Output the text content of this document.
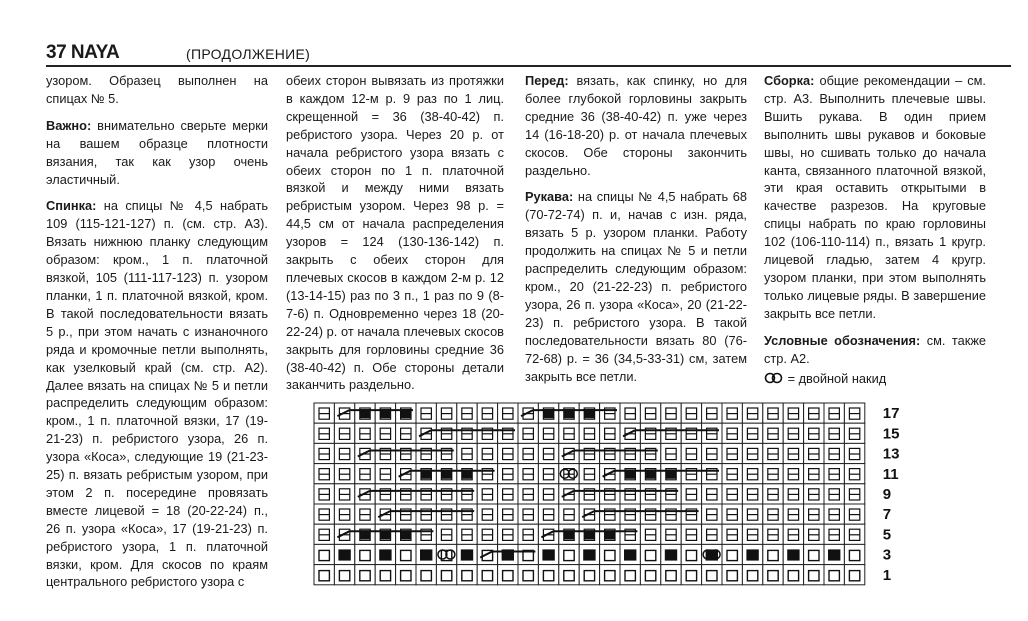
37 NAYA	(ПРОДОЛЖЕНИЕ)

узором. Образец выполнен на спицах № 5.

Важно: внимательно сверьте мерки на вашем образце плотности вязания, так как узор очень эластичный.

Спинка: на спицы № 4,5 набрать 109 (115-121-127) п. (см. стр. А3). Вязать нижнюю планку следующим образом: кром., 1 п. платочной вязкой, 105 (111-117-123) п. узором планки, 1 п. платочной вязкой, кром. В такой последовательности вязать 5 р., при этом начать с изнаночного ряда и кромочные петли выполнять, как узелковый край (см. стр. А2). Далее вязать на спицах № 5 и петли распределить следующим образом: кром., 1 п. платочной вязки, 17 (19-21-23) п. ребристого узора, 26 п. узора «Коса», следующие 19 (21-23-25) п. вязать ребристым узором, при этом 2 п. посередине провязать вместе лицевой = 18 (20-22-24) п., 26 п. узора «Коса», 17 (19-21-23) п. ребристого узора, 1 п. платочной вязки, кром. Для скосов по краям центрального ребристого узора с

обеих сторон вывязать из протяжки в каждом 12-м р. 9 раз по 1 лиц. скрещенной = 36 (38-40-42) п. ребристого узора. Через 20 р. от начала ребристого узора вязать с обеих сторон по 1 п. платочной вязкой и между ними вязать ребристым узором. Через 98 р. = 44,5 см от начала распределения узоров = 124 (130-136-142) п. закрыть с обеих сторон для плечевых скосов в каждом 2-м р. 12 (13-14-15) раз по 3 п., 1 раз по 9 (8-7-6) п. Одновременно через 18 (20-22-24) р. от начала плечевых скосов закрыть для горловины средние 36 (38-40-42) п. Обе стороны детали заканчить раздельно.

Перед: вязать, как спинку, но для более глубокой горловины закрыть средние 36 (38-40-42) п. уже через 14 (16-18-20) р. от начала плечевых скосов. Обе стороны закончить раздельно.

Рукава: на спицы № 4,5 набрать 68 (70-72-74) п. и, начав с изн. ряда, вязать 5 р. узором планки. Работу продолжить на спицах № 5 и петли распределить следующим образом: кром., 20 (21-22-23) п. ребристого узора, 26 п. узора «Коса», 20 (21-22-23) п. ребристого узора. В такой последовательности вязать 80 (76-72-68) р. = 36 (34,5-33-31) см, затем закрыть все петли.

Сборка: общие рекомендации – см. стр. А3. Выполнить плечевые швы. Вшить рукава. В один прием выполнить швы рукавов и боковые швы, но сшивать только до начала канта, связанного платочной вязкой, эти края оставить открытыми в качестве разрезов. На круговые спицы набрать по краю горловины 102 (106-110-114) п., вязать 1 кругр. лицевой гладью, затем 4 кругр. узором планки, при этом выполнять только лицевые ряды. В завершение закрыть все петли.

Условные обозначения: см. также стр. А2.

= двойной накид

17
15
13
11
9
7
5
3
1
